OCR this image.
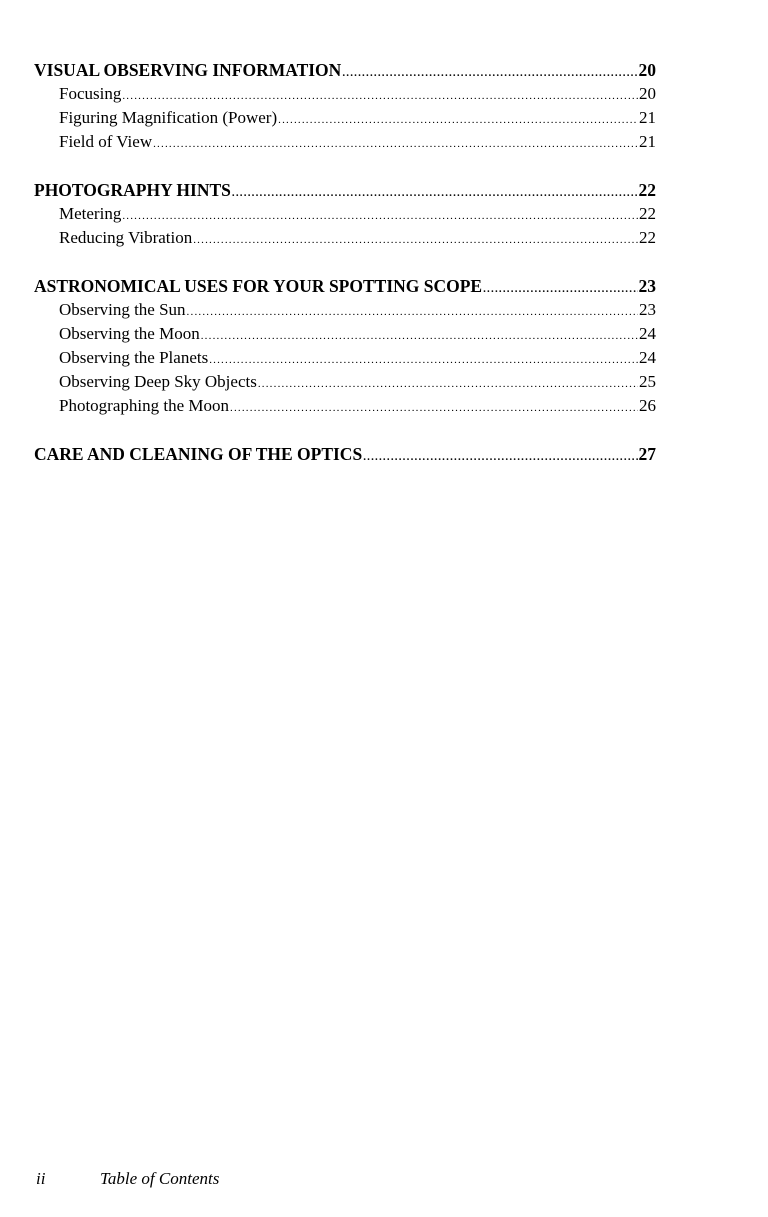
VISUAL OBSERVING INFORMATION .....	20
Focusing .....	20
Figuring Magnification (Power) .....	21
Field of View .....	21
PHOTOGRAPHY HINTS .....	22
Metering .....	22
Reducing Vibration .....	22
ASTRONOMICAL USES FOR YOUR SPOTTING SCOPE .....	23
Observing the Sun .....	23
Observing the Moon .....	24
Observing the Planets .....	24
Observing Deep Sky Objects .....	25
Photographing the Moon .....	26
CARE AND CLEANING OF THE OPTICS .....	27
ii	Table of Contents
